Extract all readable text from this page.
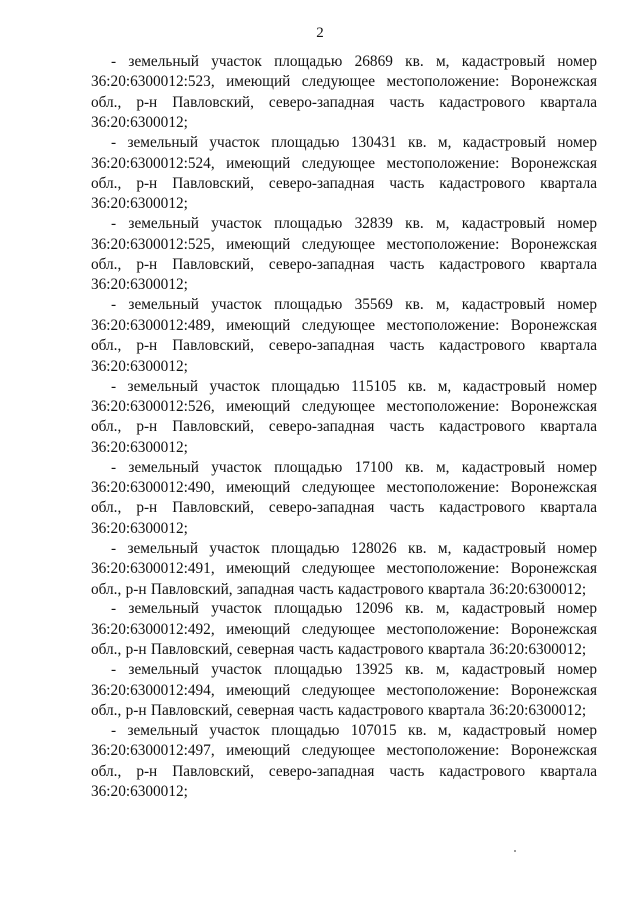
2

- земельный участок площадью 26869 кв. м, кадастровый номер 36:20:6300012:523, имеющий следующее местоположение: Воронежская обл., р-н Павловский, северо-западная часть кадастрового квартала 36:20:6300012;

- земельный участок площадью 130431 кв. м, кадастровый номер 36:20:6300012:524, имеющий следующее местоположение: Воронежская обл., р-н Павловский, северо-западная часть кадастрового квартала 36:20:6300012;

- земельный участок площадью 32839 кв. м, кадастровый номер 36:20:6300012:525, имеющий следующее местоположение: Воронежская обл., р-н Павловский, северо-западная часть кадастрового квартала 36:20:6300012;

- земельный участок площадью 35569 кв. м, кадастровый номер 36:20:6300012:489, имеющий следующее местоположение: Воронежская обл., р-н Павловский, северо-западная часть кадастрового квартала 36:20:6300012;

- земельный участок площадью 115105 кв. м, кадастровый номер 36:20:6300012:526, имеющий следующее местоположение: Воронежская обл., р-н Павловский, северо-западная часть кадастрового квартала 36:20:6300012;

- земельный участок площадью 17100 кв. м, кадастровый номер 36:20:6300012:490, имеющий следующее местоположение: Воронежская обл., р-н Павловский, северо-западная часть кадастрового квартала 36:20:6300012;

- земельный участок площадью 128026 кв. м, кадастровый номер 36:20:6300012:491, имеющий следующее местоположение: Воронежская обл., р-н Павловский, западная часть кадастрового квартала 36:20:6300012;

- земельный участок площадью 12096 кв. м, кадастровый номер 36:20:6300012:492, имеющий следующее местоположение: Воронежская обл., р-н Павловский, северная часть кадастрового квартала 36:20:6300012;

- земельный участок площадью 13925 кв. м, кадастровый номер 36:20:6300012:494, имеющий следующее местоположение: Воронежская обл., р-н Павловский, северная часть кадастрового квартала 36:20:6300012;

- земельный участок площадью 107015 кв. м, кадастровый номер 36:20:6300012:497, имеющий следующее местоположение: Воронежская обл., р-н Павловский, северо-западная часть кадастрового квартала 36:20:6300012;
